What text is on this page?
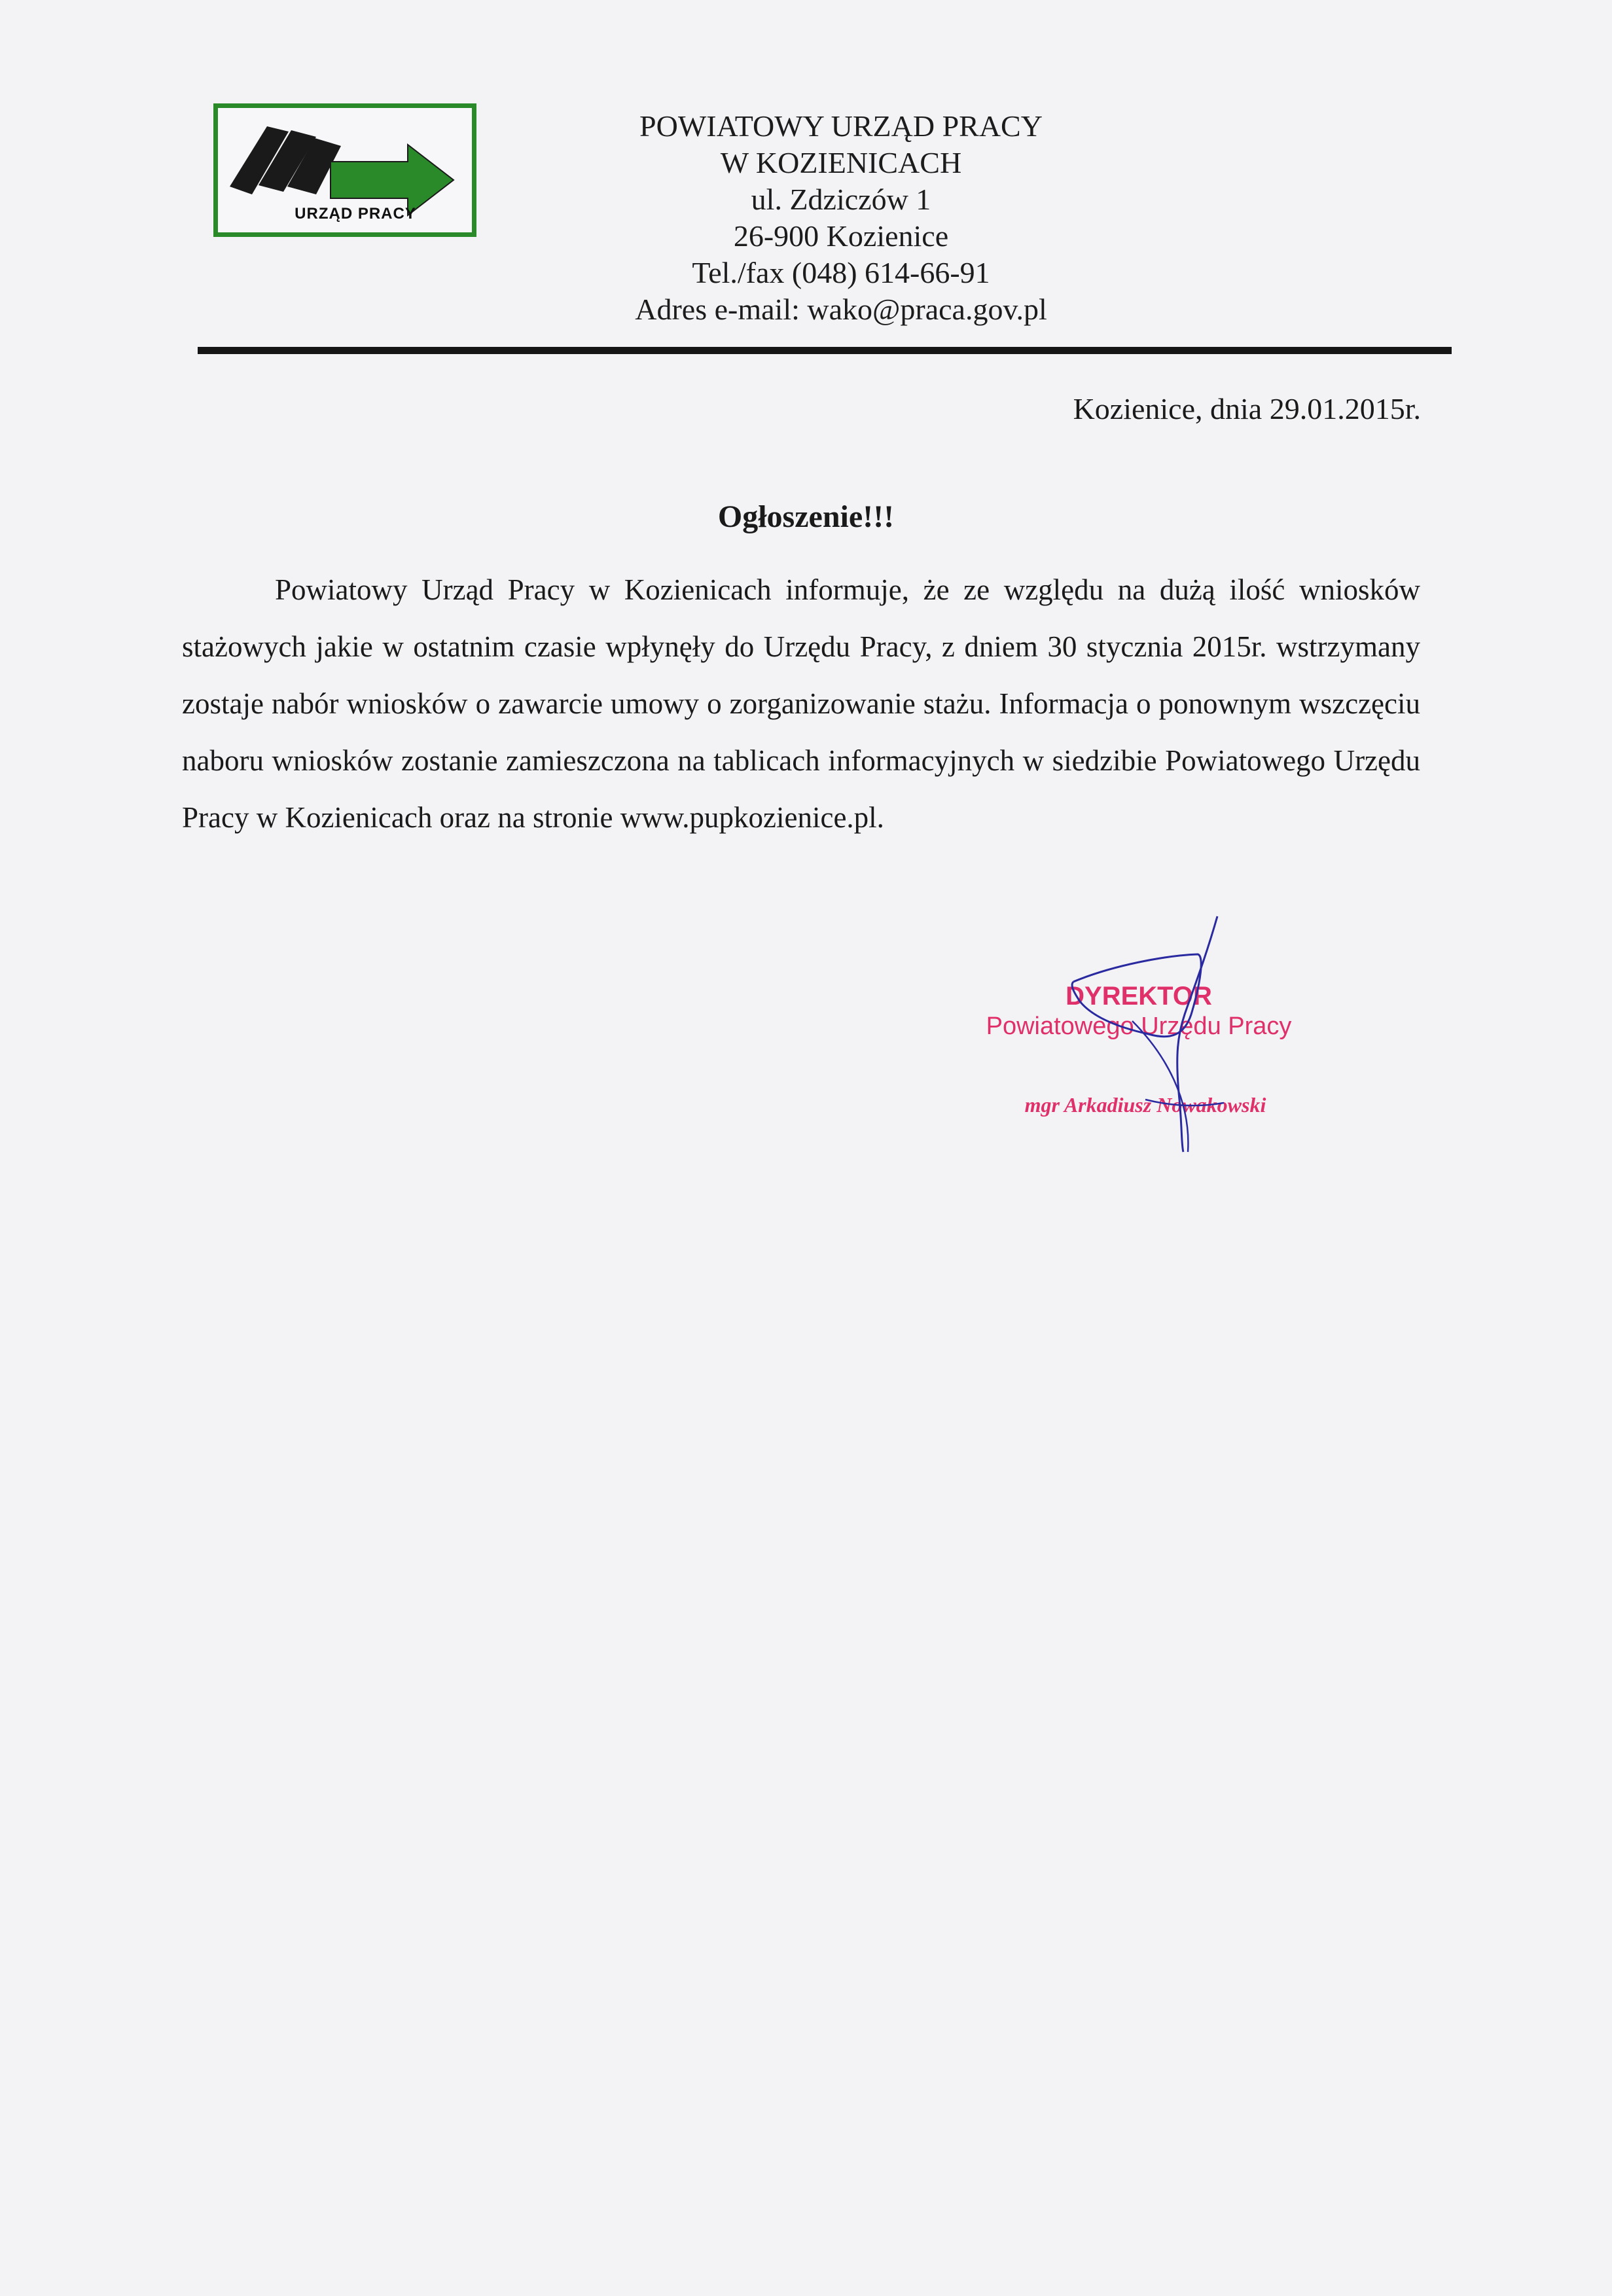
URZĄD PRACY
POWIATOWY URZĄD PRACY
W KOZIENICACH
ul. Zdziczów 1
26-900 Kozienice
Tel./fax (048) 614-66-91
Adres e-mail: wako@praca.gov.pl
Kozienice, dnia 29.01.2015r.
Ogłoszenie!!!

Powiatowy Urząd Pracy w Kozienicach informuje, że ze względu na dużą ilość wniosków stażowych jakie w ostatnim czasie wpłynęły do Urzędu Pracy, z dniem 30 stycznia 2015r. wstrzymany zostaje nabór wniosków o zawarcie umowy o zorganizowanie stażu. Informacja o ponownym wszczęciu naboru wniosków zostanie zamieszczona na tablicach informacyjnych w siedzibie Powiatowego Urzędu Pracy w Kozienicach oraz na stronie www.pupkozienice.pl.

DYREKTOR
Powiatowego Urzędu Pracy
mgr Arkadiusz Nowakowski
